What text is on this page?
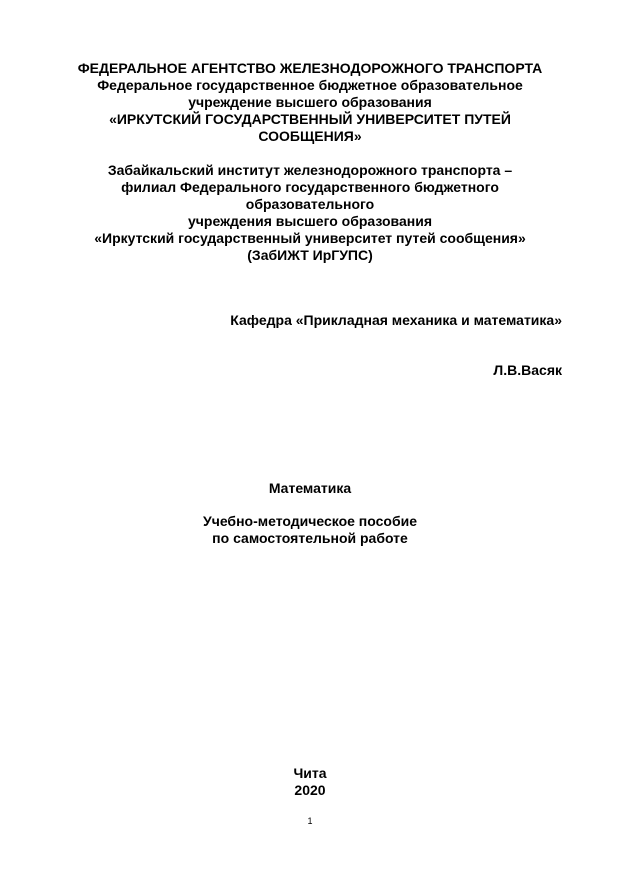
ФЕДЕРАЛЬНОЕ АГЕНТСТВО ЖЕЛЕЗНОДОРОЖНОГО ТРАНСПОРТА
Федеральное государственное бюджетное образовательное
учреждение высшего образования
«ИРКУТСКИЙ ГОСУДАРСТВЕННЫЙ УНИВЕРСИТЕТ ПУТЕЙ
СООБЩЕНИЯ»
Забайкальский институт железнодорожного транспорта –
филиал Федерального государственного бюджетного
образовательного
учреждения высшего образования
«Иркутский государственный университет путей сообщения»
(ЗабИЖТ ИрГУПС)
Кафедра «Прикладная механика и математика»
Л.В.Васяк
Математика
Учебно-методическое пособие
по самостоятельной работе
Чита
2020
1
